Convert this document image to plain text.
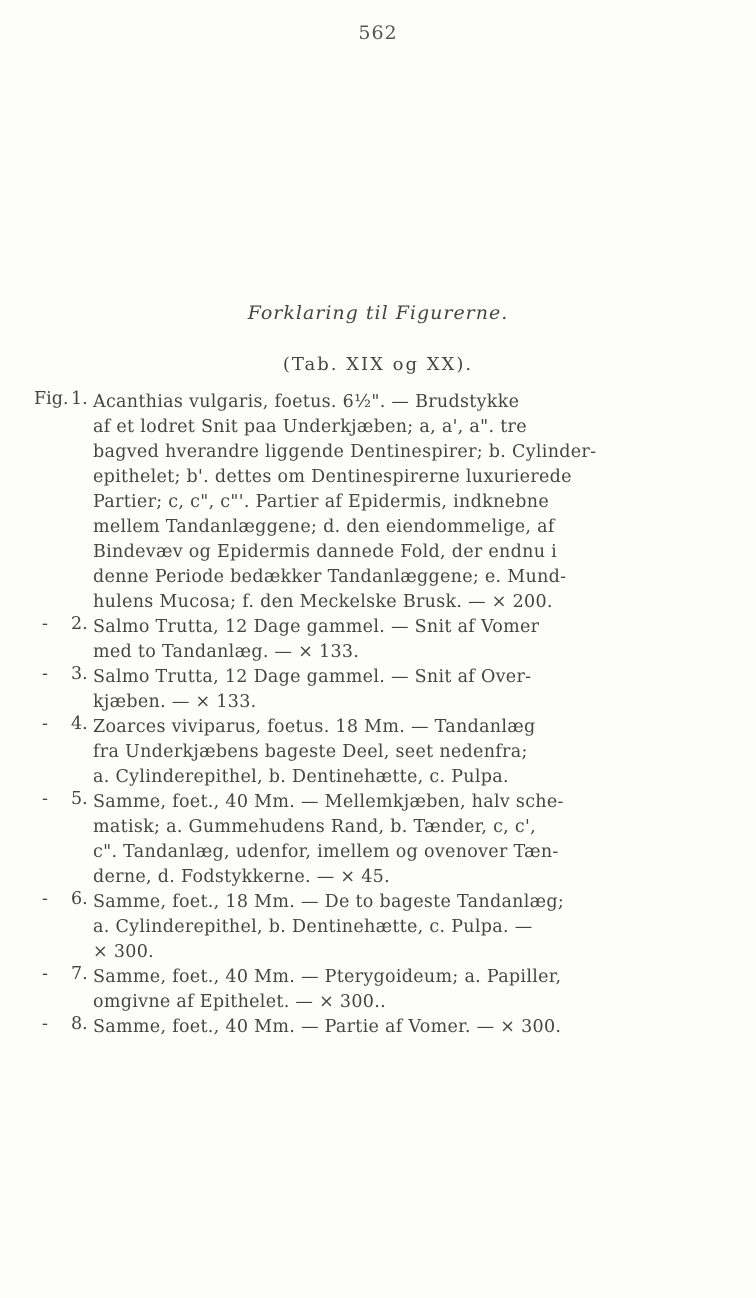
562
Forklaring til Figurerne.
(Tab. XIX og XX).
Fig. 1. Acanthias vulgaris, foetus. 6½". — Brudstykke
af et lodret Snit paa Underkjæben; a, a', a". tre
bagved hverandre liggende Dentinespirer; b. Cylinder-
epithelet; b'. dettes om Dentinespirerne luxurierede
Partier; c, c", c"'. Partier af Epidermis, indknebne
mellem Tandanlæggene; d. den eiendommelige, af
Bindevæv og Epidermis dannede Fold, der endnu i
denne Periode bedækker Tandanlæggene; e. Mund-
hulens Mucosa; f. den Meckelske Brusk. — × 200.
-	2. Salmo Trutta, 12 Dage gammel. — Snit af Vomer
med to Tandanlæg. — × 133.
-	3. Salmo Trutta, 12 Dage gammel. — Snit af Over-
kjæben. — × 133.
-	4. Zoarces viviparus, foetus. 18 Mm. — Tandanlæg
fra Underkjæbens bageste Deel, seet nedenfra;
a. Cylinderepithel, b. Dentinehætte, c. Pulpa.
-	5. Samme, foet., 40 Mm. — Mellemkjæben, halv sche-
matisk; a. Gummehudens Rand, b. Tænder, c, c',
c". Tandanlæg, udenfor, imellem og ovenover Tæn-
derne, d. Fodstykkerne. — × 45.
-	6. Samme, foet., 18 Mm. — De to bageste Tandanlæg;
a. Cylinderepithel, b. Dentinehætte, c. Pulpa. —
× 300.
-	7. Samme, foet., 40 Mm. — Pterygoideum; a. Papiller,
omgivne af Epithelet. — × 300..
-	8. Samme, foet., 40 Mm. — Partie af Vomer. — × 300.
